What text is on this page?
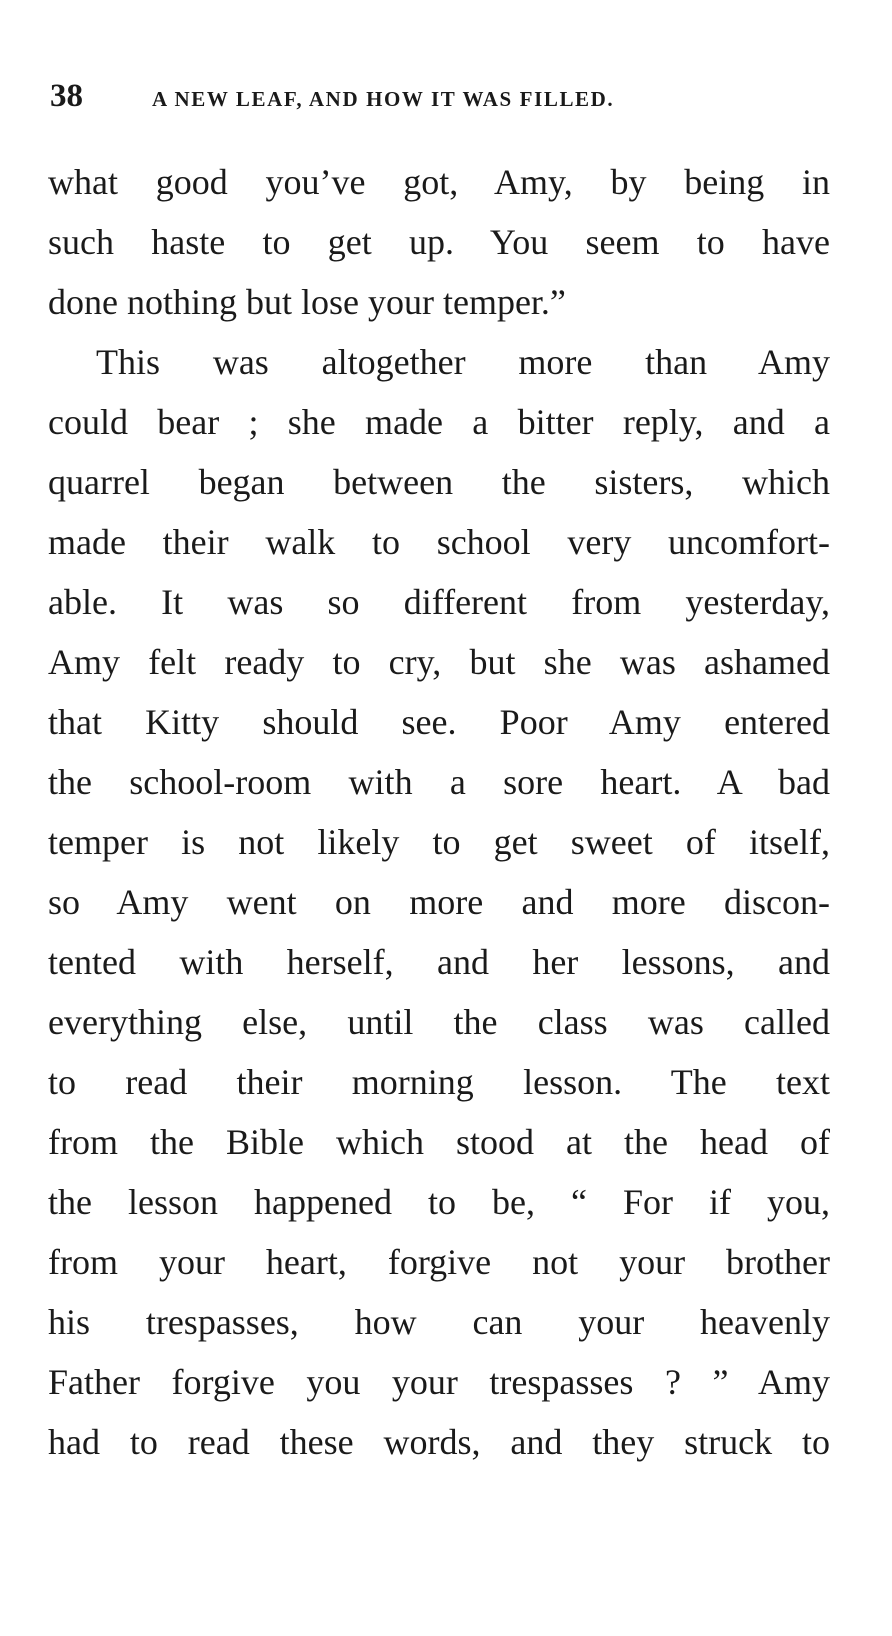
38	A NEW LEAF, AND HOW IT WAS FILLED.
what good you’ve got, Amy, by being in
such haste to get up. You seem to have
done nothing but lose your temper.”
This was altogether more than Amy
could bear ; she made a bitter reply, and a
quarrel began between the sisters, which
made their walk to school very uncomfort-
able. It was so different from yesterday,
Amy felt ready to cry, but she was ashamed
that Kitty should see. Poor Amy entered
the school-room with a sore heart. A bad
temper is not likely to get sweet of itself,
so Amy went on more and more discon-
tented with herself, and her lessons, and
everything else, until the class was called
to read their morning lesson. The text
from the Bible which stood at the head of
the lesson happened to be, “ For if you,
from your heart, forgive not your brother
his trespasses, how can your heavenly
Father forgive you your trespasses ? ” Amy
had to read these words, and they struck to
